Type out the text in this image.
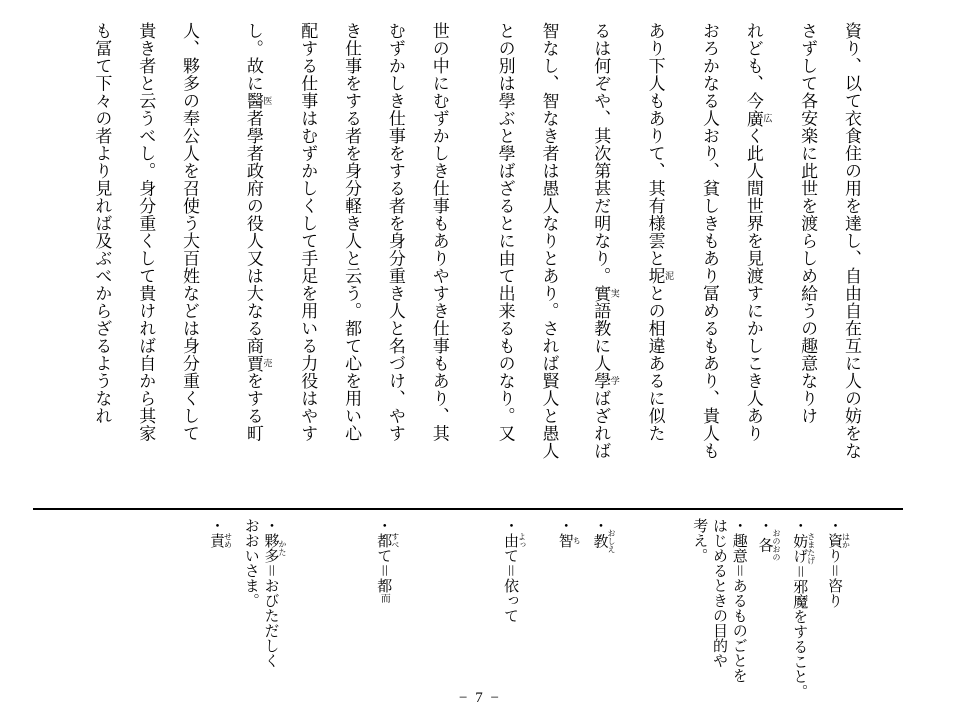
資り、以て衣食住の用を達し、自由自在互に人の妨をな
さずして各安楽に此世を渡らしめ給うの趣意なりけ
れども、今廣 広く此人間世界を見渡すにかしこき人あり
おろかなる人おり、貧しきもあり冨めるもあり、貴人も
あり下人もありて、其有様雲と坭 泥との相違あるに似た
るは何ぞや、其次第甚だ明なり。實 実語教に人學 学ばざれば
智なし、智なき者は愚人なりとあり。されば賢人と愚人
との別は學ぶと學ばざるとに由て出来るものなり。又
世の中にむずかしき仕事もありやすき仕事もあり、其
むずかしき仕事をする者を身分重き人と名づけ、やす
き仕事をする者を身分軽き人と云う。都て心を用い心
配する仕事はむずかしくして手足を用いる力役はやす
し。故に醫 医者學者政府の役人又は大なる商賈 売をする町
人、夥多の奉公人を召使う大百姓などは身分重くして
貴き者と云うべし。身分重くして貴ければ自から其家
も冨て下々の者より見れば及ぶべからざるようなれ
・資 はかり＝咨り
・妨げ さまたげ＝邪魔をすること。
・各 おのおの
・趣意＝あるものごとを
はじめるときの目的や
考え。
・教 おしえ
・智 ち
・由 よって＝依って
・都 すべて＝都而
・夥多 かた＝おびただしく
おおいさま。
・責 せめ
− 7 −
